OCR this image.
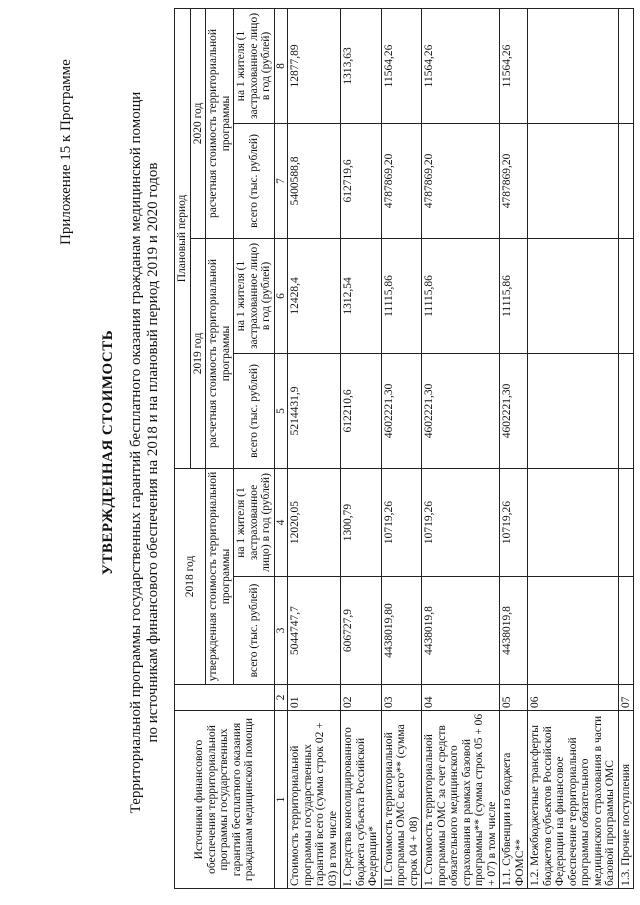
Приложение 15 к Программе
УТВЕРЖДЕННАЯ СТОИМОСТЬ Территориальной программы государственных гарантий бесплатного оказания гражданам медицинской помощи по источникам финансового обеспечения на 2018 и на плановый период 2019 и 2020 годов
Источники финансового обеспечения территориальной программы государственных гарантий бесплатного оказания гражданам медицинской помощи		2018 год		Плановый период			
				2019 год		2020 год	
		утвержденная стоимость территориальной программы		расчетная стоимость территориальной программы		расчетная стоимость территориальной программы	
		всего (тыс. рублей)	на 1 жителя (1 застрахованное лицо) в год (рублей)	всего (тыс. рублей)	на 1 жителя (1 застрахованное лицо) в год (рублей)	всего (тыс. рублей)	на 1 жителя (1 застрахованное лицо) в год (рублей)
1	2	3	4	5	6	7	8
Стоимость территориальной программы государственных гарантий всего (сумма строк 02 + 03) в том числе	01	5044747,7	12020,05	5214431,9	12428,4	5400588,8	12877,89
I. Средства консолидированного бюджета субъекта Российской Федерации*	02	606727,9	1300,79	612210,6	1312,54	612719,6	1313,63
II. Стоимость территориальной программы ОМС всего** (сумма строк 04 + 08)	03	4438019,80	10719,26	4602221,30	11115,86	4787869,20	11564,26
1. Стоимость территориальной программы ОМС за счет средств обязательного медицинского страхования в рамках базовой программы** (сумма строк 05 + 06 + 07) в том числе	04	4438019,8	10719,26	4602221,30	11115,86	4787869,20	11564,26
1.1. Субвенции из бюджета ФОМС**	05	4438019,8	10719,26	4602221,30	11115,86	4787869,20	11564,26
1.2. Межбюджетные трансферты бюджетов субъектов Российской Федерации на финансовое обеспечение территориальной программы обязательного медицинского страхования в части базовой программы ОМС	06						
1.3. Прочие поступления	07						
